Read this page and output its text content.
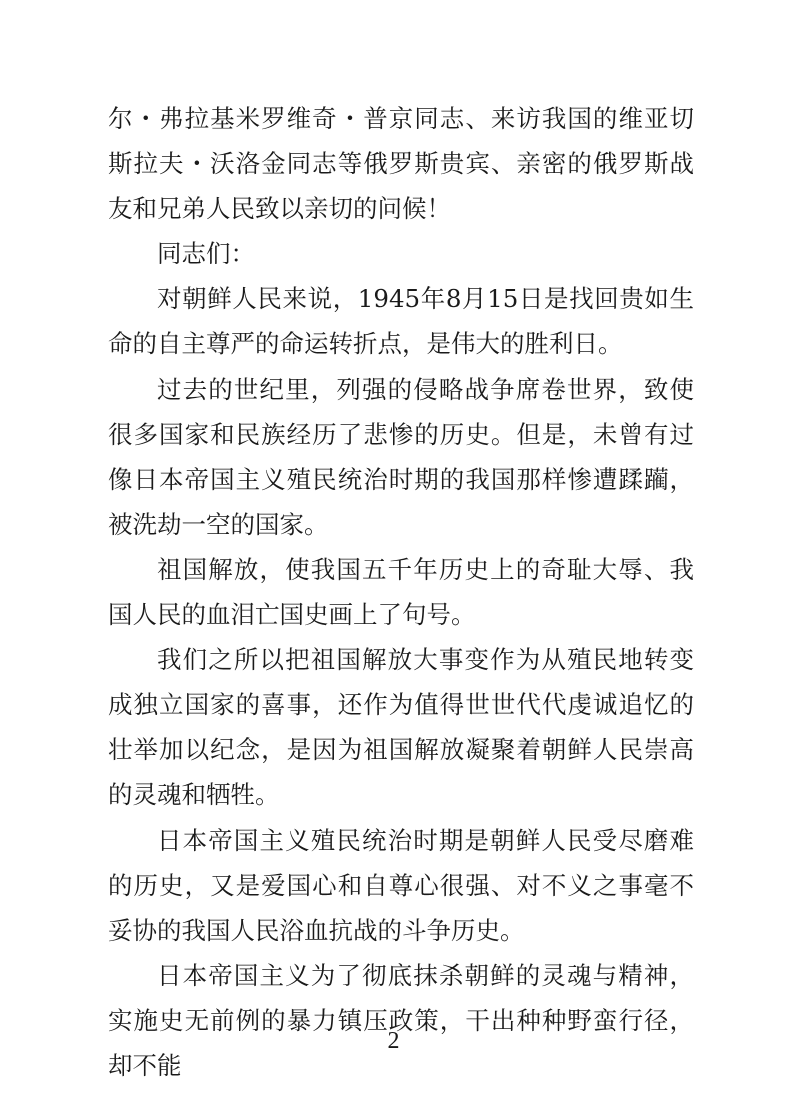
尔・弗拉基米罗维奇・普京同志、来访我国的维亚切斯拉夫・沃洛金同志等俄罗斯贵宾、亲密的俄罗斯战友和兄弟人民致以亲切的问候！

同志们：

对朝鲜人民来说，1945年8月15日是找回贵如生命的自主尊严的命运转折点，是伟大的胜利日。

过去的世纪里，列强的侵略战争席卷世界，致使很多国家和民族经历了悲惨的历史。但是，未曾有过像日本帝国主义殖民统治时期的我国那样惨遭蹂躏，被洗劫一空的国家。

祖国解放，使我国五千年历史上的奇耻大辱、我国人民的血泪亡国史画上了句号。

我们之所以把祖国解放大事变作为从殖民地转变成独立国家的喜事，还作为值得世世代代虔诚追忆的壮举加以纪念，是因为祖国解放凝聚着朝鲜人民崇高的灵魂和牺牲。

日本帝国主义殖民统治时期是朝鲜人民受尽磨难的历史，又是爱国心和自尊心很强、对不义之事毫不妥协的我国人民浴血抗战的斗争历史。

日本帝国主义为了彻底抹杀朝鲜的灵魂与精神，实施史无前例的暴力镇压政策，干出种种野蛮行径，却不能

2
